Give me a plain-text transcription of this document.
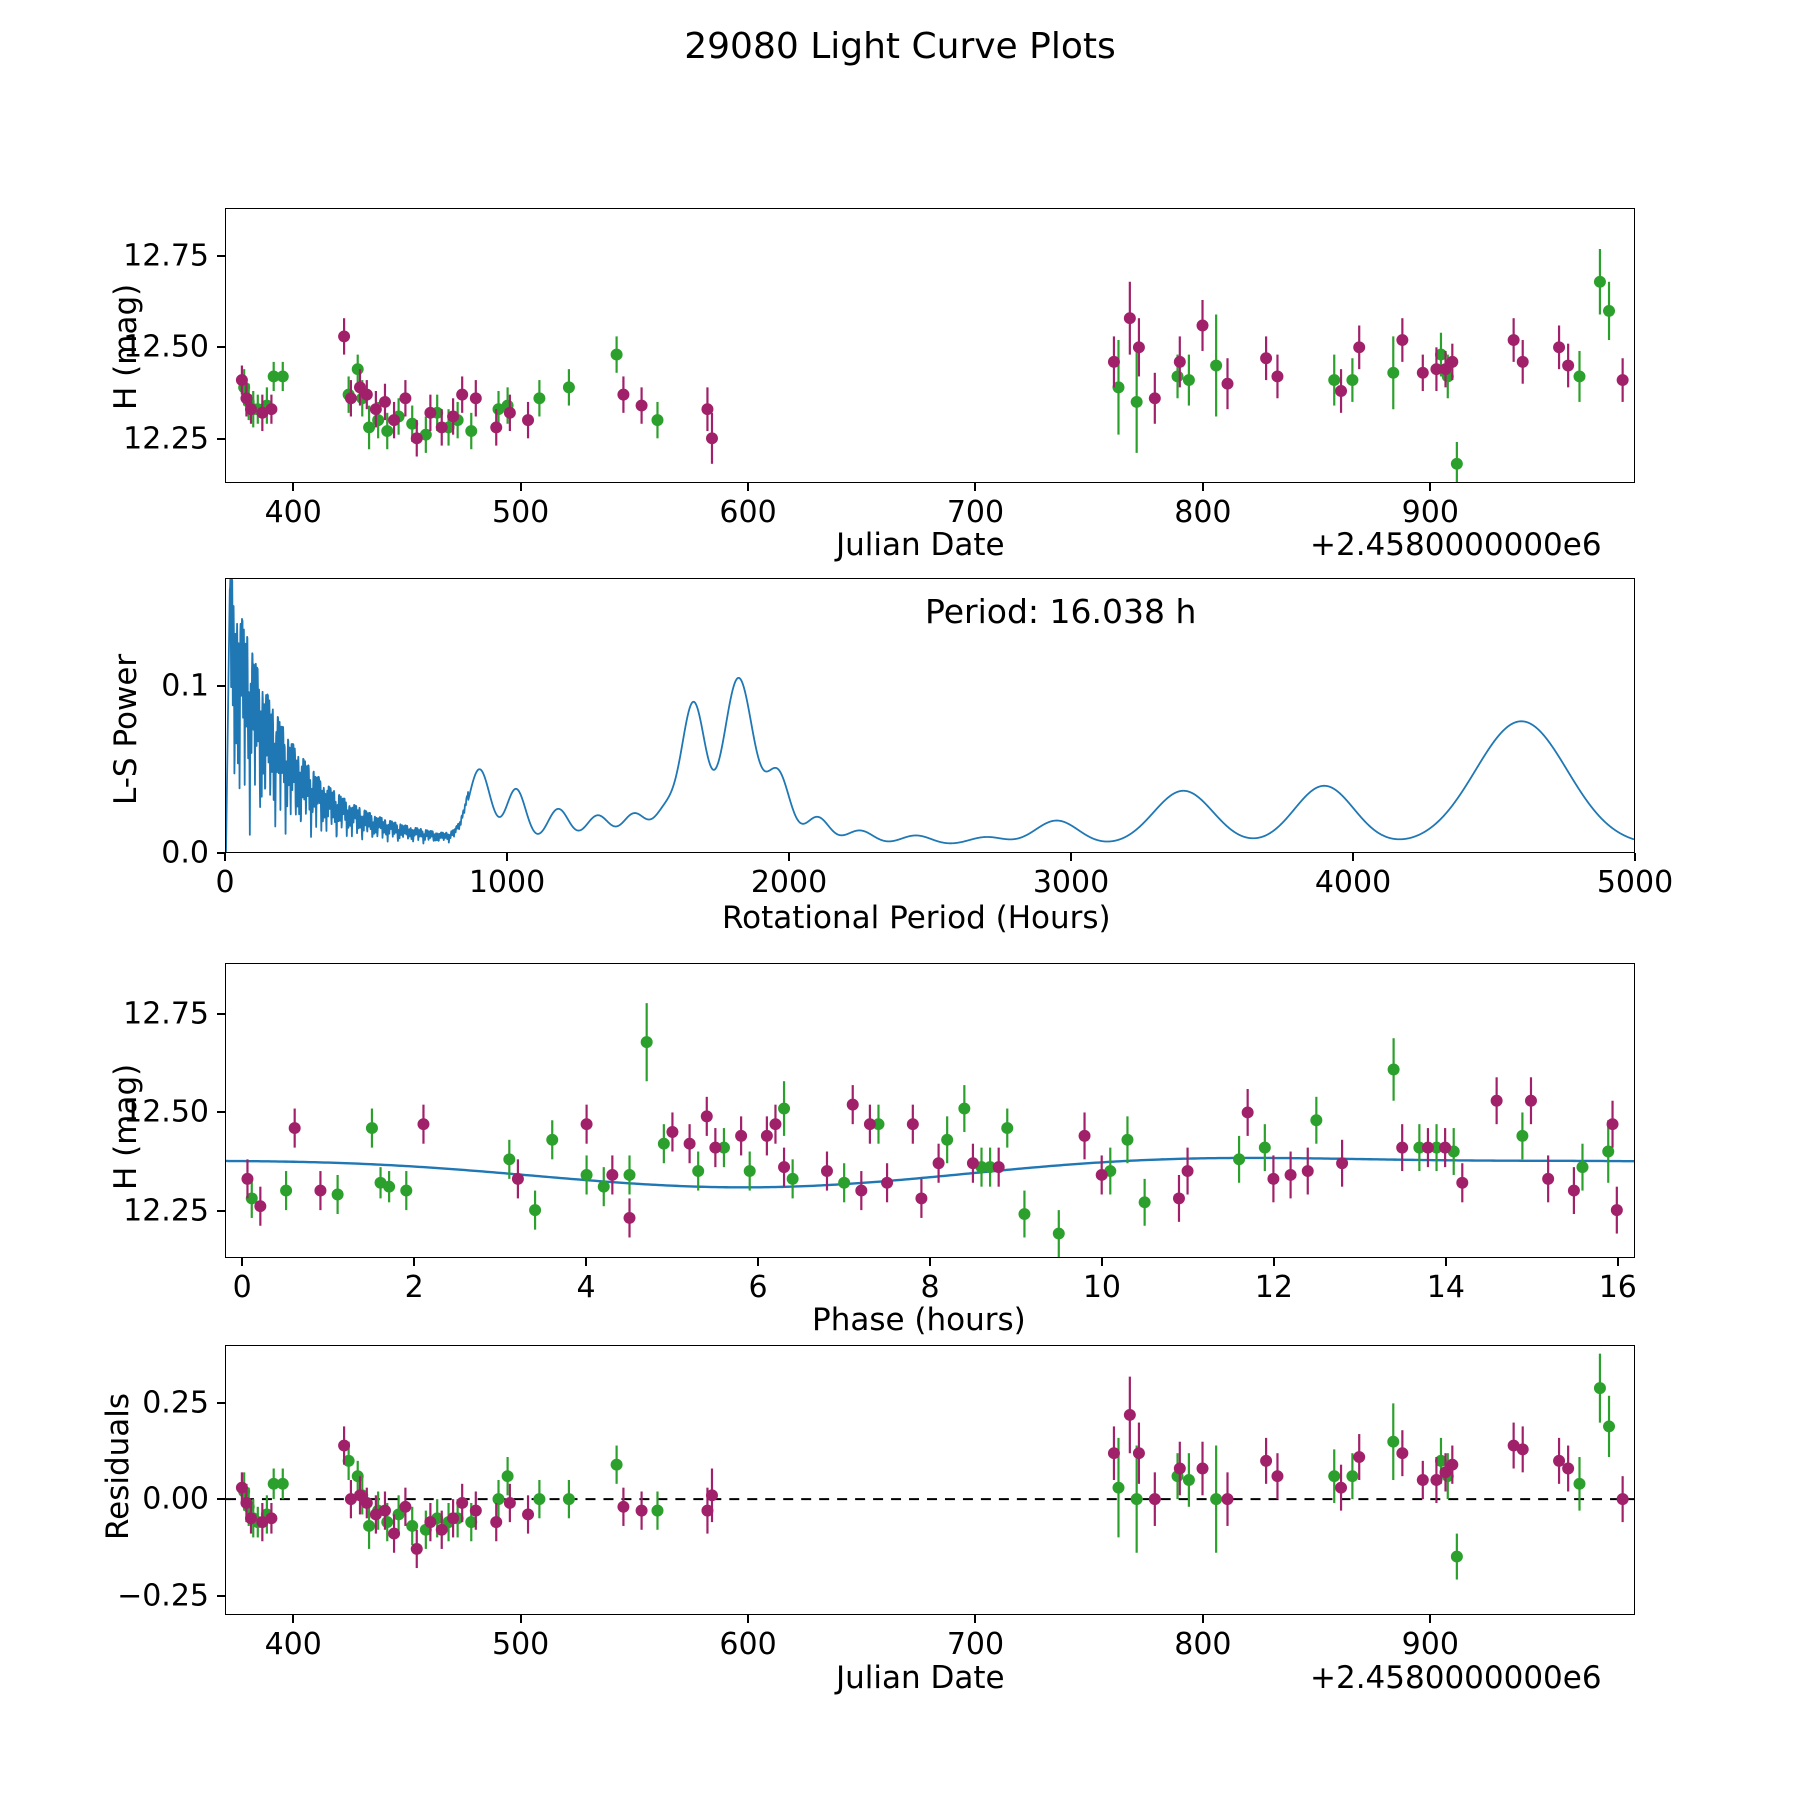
29080 Light Curve Plots
400	500	600	700	800	900
12.25
12.50
12.75
Julian Date	+2.4580000000e6
H (mag)
0	1000	2000	3000	4000	5000
0.0
0.1
Period: 16.038 h
Rotational Period (Hours)
L-S Power
0	2	4	6	8	10	12	14	16
12.25
12.50
12.75
Phase (hours)
H (mag)
400	500	600	700	800	900
−0.25
0.00
0.25
Julian Date	+2.4580000000e6
Residuals
